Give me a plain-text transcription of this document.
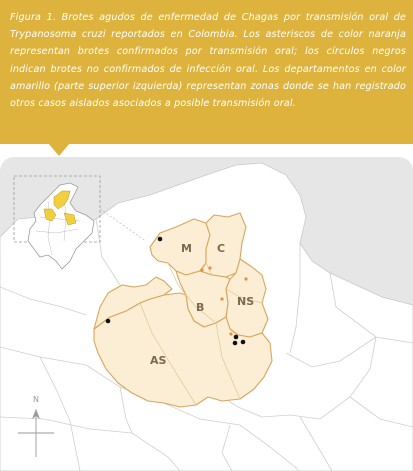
Figura 1. Brotes agudos de enfermedad de Chagas por transmisión oral de Trypanosoma cruzi reportados en Colombia. Los asteriscos de color naranja representan brotes confirmados por transmisión oral; los círculos negros indican brotes no confirmados de infección oral. Los departamentos en color amarillo (parte superior izquierda) representan zonas donde se han registrado otros casos aislados asociados a posible transmisión oral.

M C
B	NS
AS
N
